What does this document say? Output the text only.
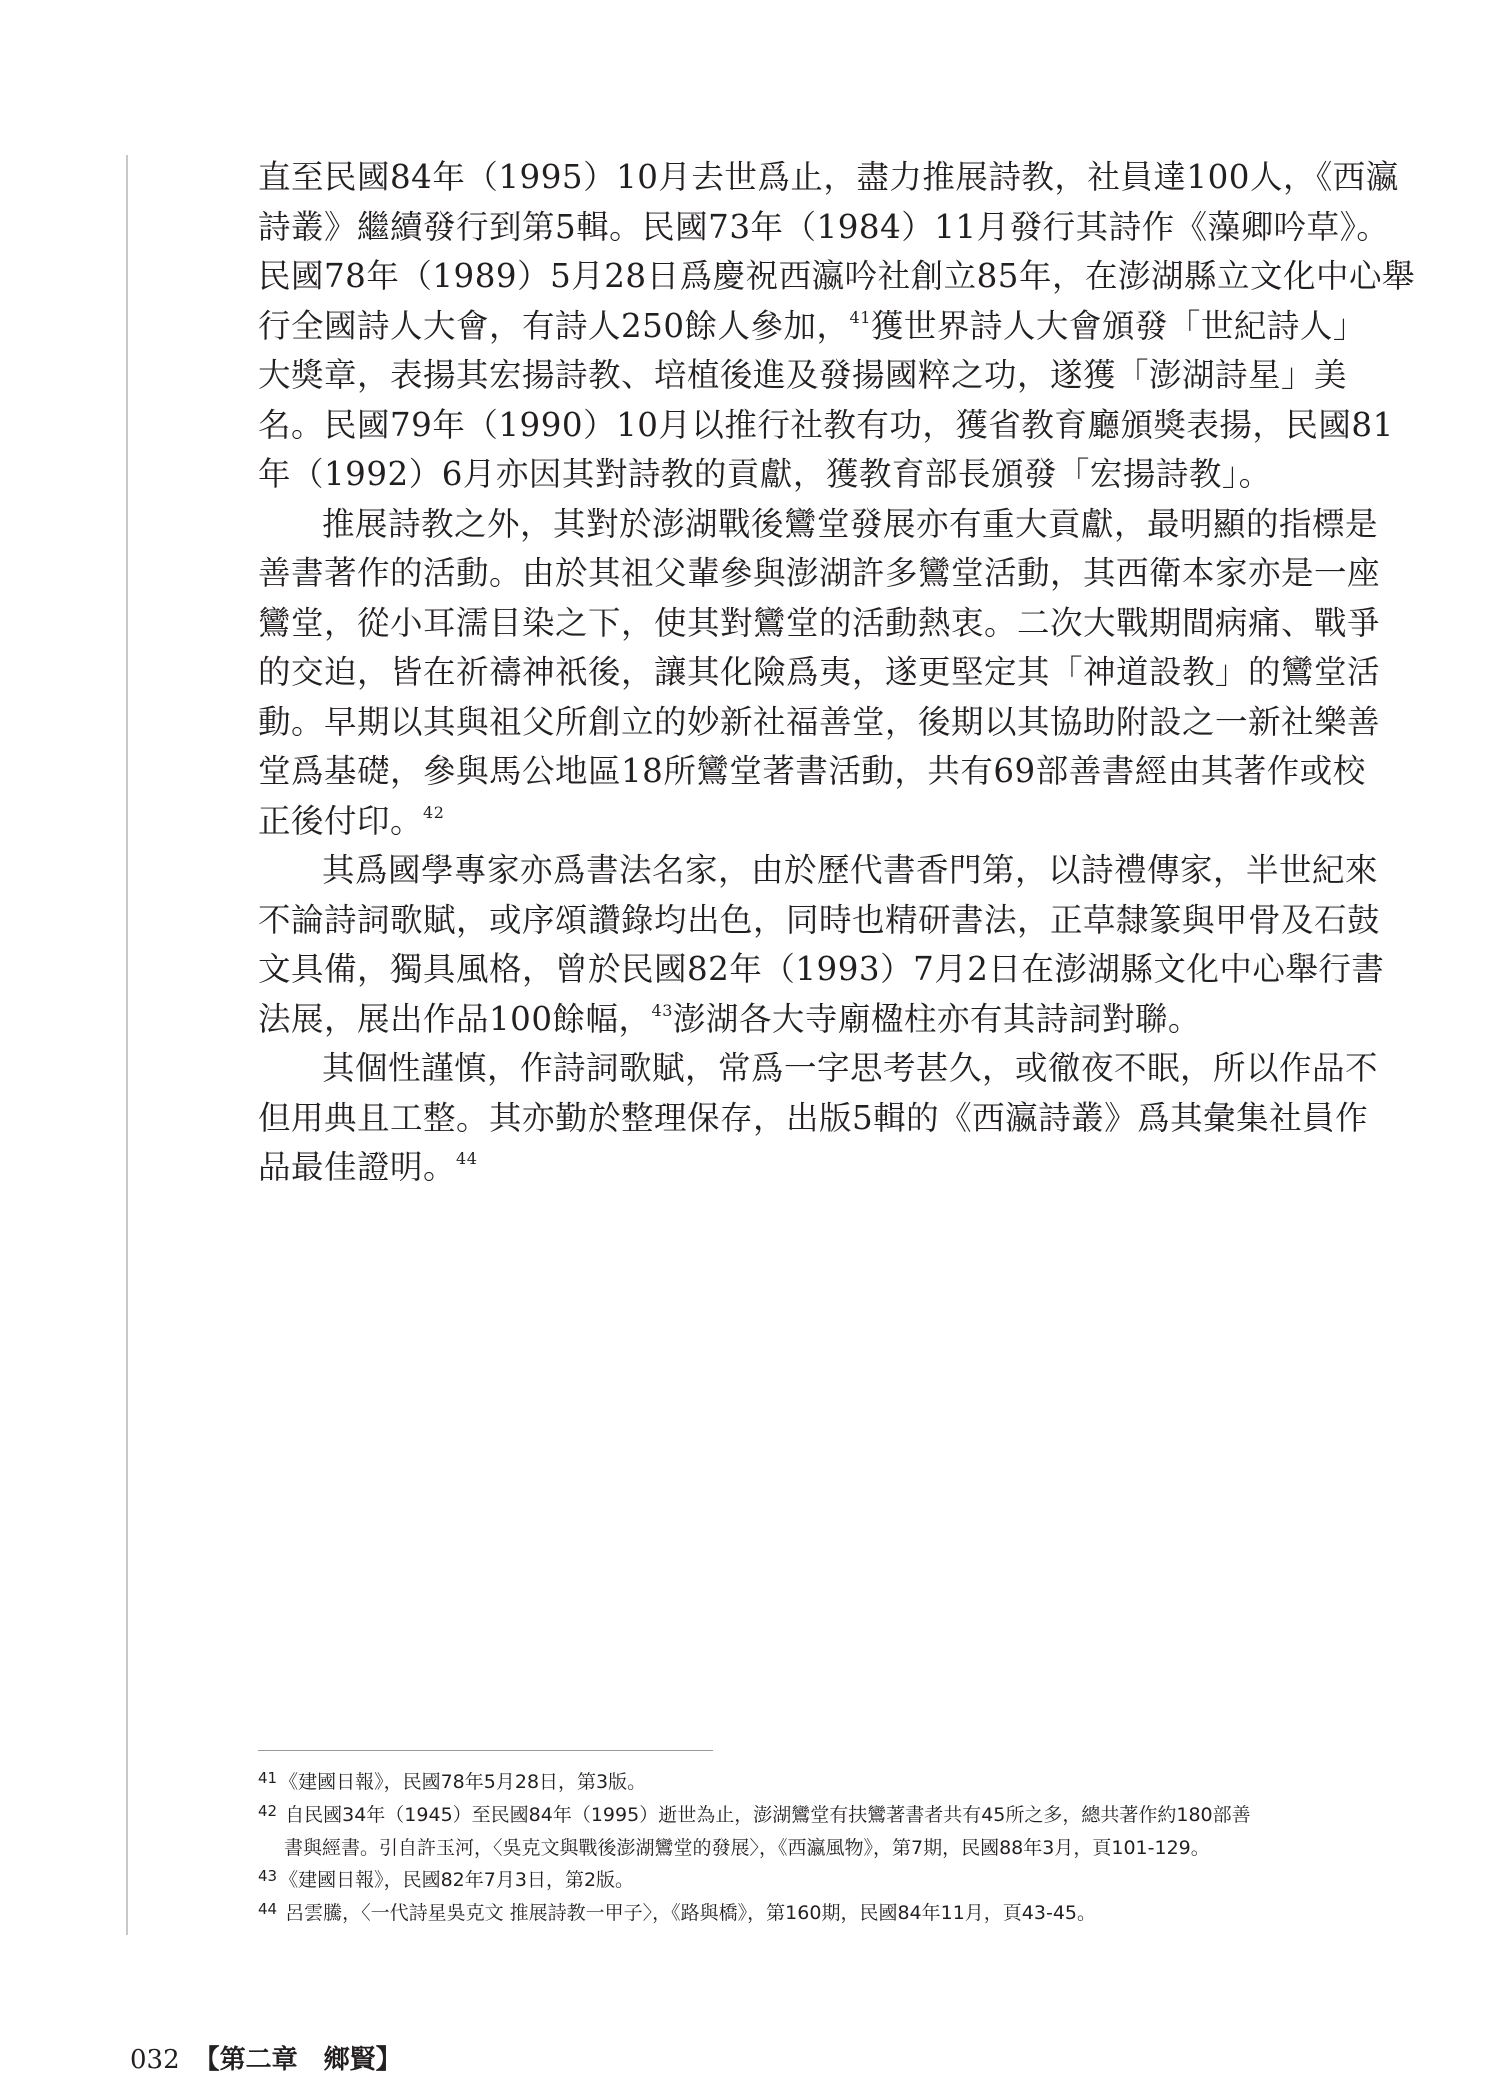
直至民國84年（1995）10月去世爲止，盡力推展詩教，社員達100人，《西瀛
詩叢》繼續發行到第5輯。民國73年（1984）11月發行其詩作《藻卿吟草》。
民國78年（1989）5月28日爲慶祝西瀛吟社創立85年，在澎湖縣立文化中心舉
行全國詩人大會，有詩人250餘人參加，$^{41}$獲世界詩人大會頒發「世紀詩人」
大獎章，表揚其宏揚詩教、培植後進及發揚國粹之功，遂獲「澎湖詩星」美
名。民國79年（1990）10月以推行社教有功，獲省教育廳頒獎表揚，民國81
年（1992）6月亦因其對詩教的貢獻，獲教育部長頒發「宏揚詩教」。

推展詩教之外，其對於澎湖戰後鸞堂發展亦有重大貢獻，最明顯的指標是
善書著作的活動。由於其祖父輩參與澎湖許多鸞堂活動，其西衛本家亦是一座
鸞堂，從小耳濡目染之下，使其對鸞堂的活動熱衷。二次大戰期間病痛、戰爭
的交迫，皆在祈禱神祇後，讓其化險爲夷，遂更堅定其「神道設教」的鸞堂活
動。早期以其與祖父所創立的妙新社福善堂，後期以其協助附設之一新社樂善
堂爲基礎，參與馬公地區18所鸞堂著書活動，共有69部善書經由其著作或校
正後付印。$^{42}$

其爲國學專家亦爲書法名家，由於歷代書香門第，以詩禮傳家，半世紀來
不論詩詞歌賦，或序頌讚錄均出色，同時也精研書法，正草隸篆與甲骨及石鼓
文具備，獨具風格，曾於民國82年（1993）7月2日在澎湖縣文化中心舉行書
法展，展出作品100餘幅，$^{43}$澎湖各大寺廟楹柱亦有其詩詞對聯。

其個性謹慎，作詩詞歌賦，常爲一字思考甚久，或徹夜不眠，所以作品不
但用典且工整。其亦勤於整理保存，出版5輯的《西瀛詩叢》爲其彙集社員作
品最佳證明。$^{44}$

$^{41}$ 《建國日報》，民國78年5月28日，第3版。
$^{42}$ 自民國34年（1945）至民國84年（1995）逝世為止，澎湖鸞堂有扶鸞著書者共有45所之多，總共著作約180部善
書與經書。引自許玉河，〈吳克文與戰後澎湖鸞堂的發展〉，《西瀛風物》，第7期，民國88年3月，頁101-129。
$^{43}$ 《建國日報》，民國82年7月3日，第2版。
$^{44}$ 呂雲騰，〈一代詩星吳克文 推展詩教一甲子〉，《路與橋》，第160期，民國84年11月，頁43-45。
032 【第二章　鄉賢】
